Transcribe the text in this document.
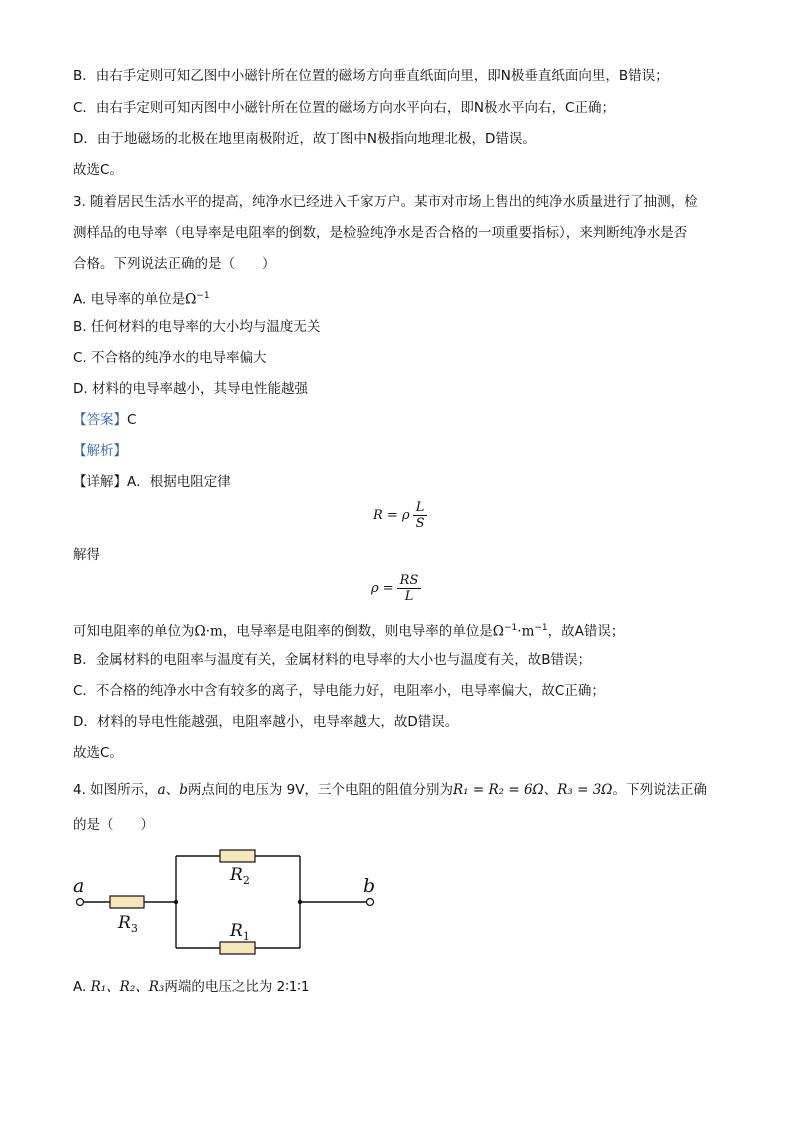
B．由右手定则可知乙图中小磁针所在位置的磁场方向垂直纸面向里，即N极垂直纸面向里，B错误；
C．由右手定则可知丙图中小磁针所在位置的磁场方向水平向右，即N极水平向右，C正确；
D．由于地磁场的北极在地里南极附近，故丁图中N极指向地理北极，D错误。
故选C。
3. 随着居民生活水平的提高，纯净水已经进入千家万户。某市对市场上售出的纯净水质量进行了抽测，检
测样品的电导率（电导率是电阻率的倒数，是检验纯净水是否合格的一项重要指标），来判断纯净水是否
合格。下列说法正确的是（　　）
A. 电导率的单位是$\Omega^{-1}$
B. 任何材料的电导率的大小均与温度无关
C. 不合格的纯净水的电导率偏大
D. 材料的电导率越小，其导电性能越强
【答案】C
【解析】
【详解】A．根据电阻定律
R = ρ $\frac{L}{S}$
解得
$\rho = \frac{RS}{L}$
可知电阻率的单位为Ω·m，电导率是电阻率的倒数，则电导率的单位是$\Omega^{-1}\cdot m^{-1}$，故A错误；
B．金属材料的电阻率与温度有关，金属材料的电导率的大小也与温度有关，故B错误；
C．不合格的纯净水中含有较多的离子，导电能力好，电阻率小，电导率偏大，故C正确；
D．材料的导电性能越强，电阻率越小，电导率越大，故D错误。
故选C。
4. 如图所示，a、b两点间的电压为 9V，三个电阻的阻值分别为R₁ = R₂ = 6Ω、R₃ = 3Ω。下列说法正确
的是（　　）
a	b
$R_3$
$R_2$
$R_1$
A. R₁、R₂、R₃两端的电压之比为 2∶1∶1
